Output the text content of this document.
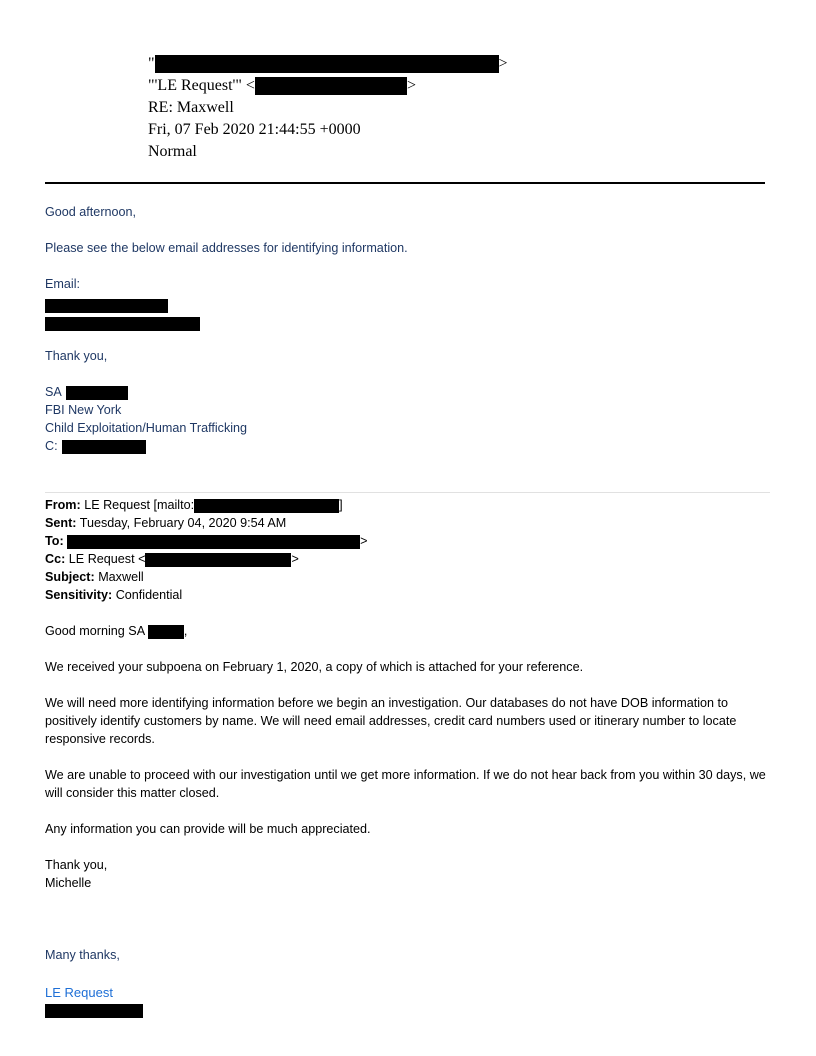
"	>
"'LE Request'" <	>
RE: Maxwell
Fri, 07 Feb 2020 21:44:55 +0000
Normal
Good afternoon,
Please see the below email addresses for identifying information.
Email:
Thank you,
SA
FBI New York
Child Exploitation/Human Trafficking
C:
From: LE Request [mailto:	]
Sent: Tuesday, February 04, 2020 9:54 AM
To:	>
Cc: LE Request <	>
Subject: Maxwell
Sensitivity: Confidential
Good morning SA	,
We received your subpoena on February 1, 2020, a copy of which is attached for your reference.
We will need more identifying information before we begin an investigation. Our databases do not have DOB information to positively identify customers by name. We will need email addresses, credit card numbers used or itinerary number to locate responsive records.
We are unable to proceed with our investigation until we get more information. If we do not hear back from you within 30 days, we will consider this matter closed.
Any information you can provide will be much appreciated.
Thank you,
Michelle
Many thanks,
LE Request
